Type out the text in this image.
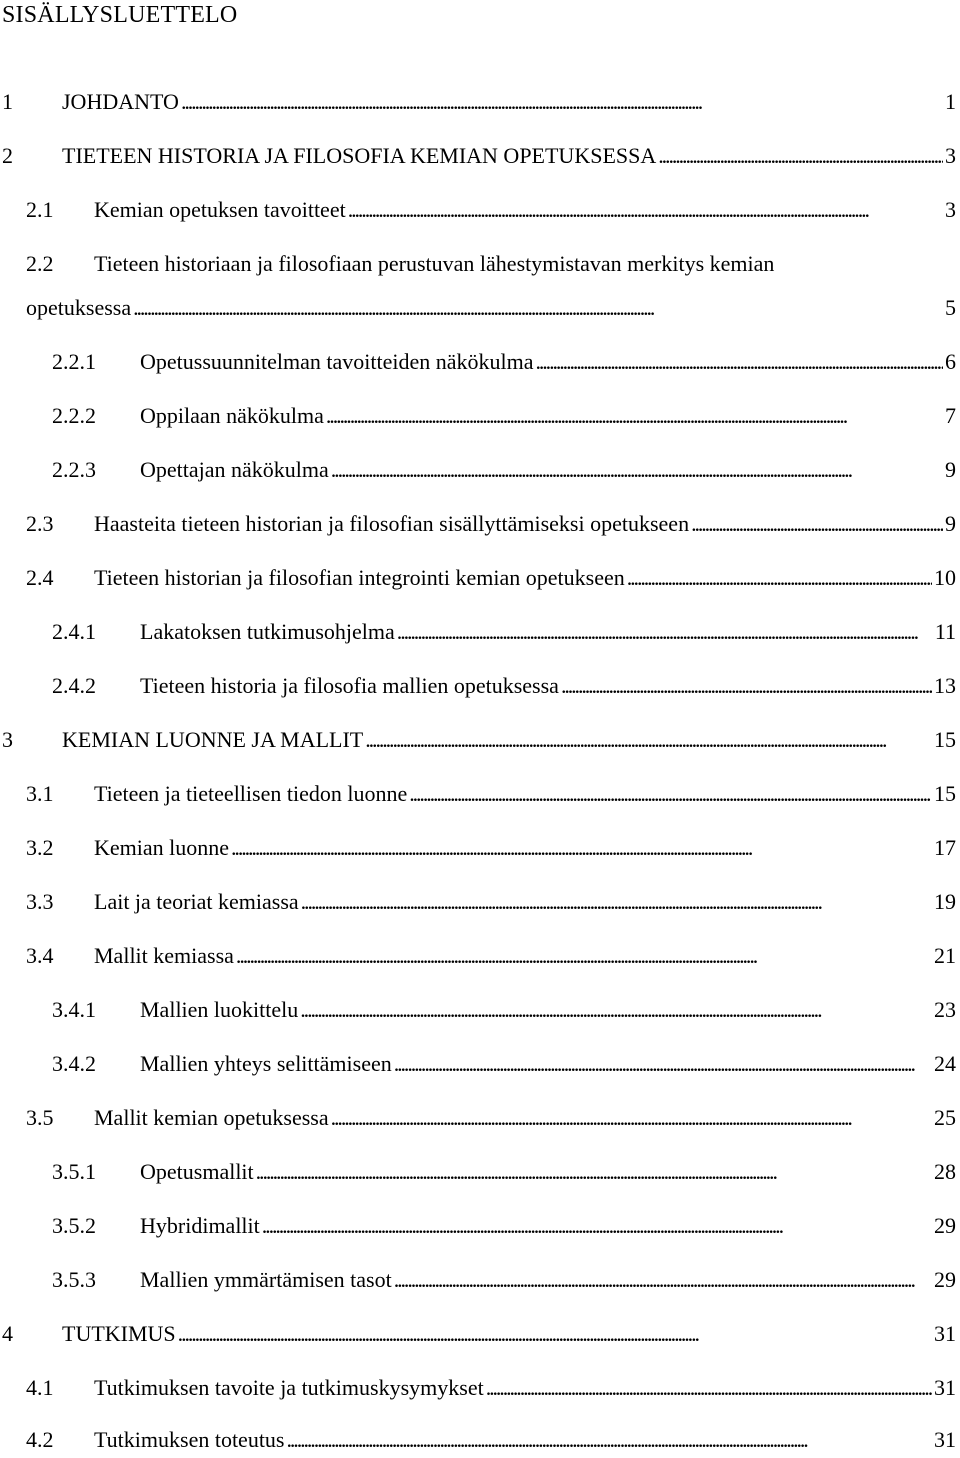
SISÄLLYSLUETTELO
1	JOHDANTO . . .	1
2	TIETEEN HISTORIA JA FILOSOFIA KEMIAN OPETUKSESSA . . .	3
2.1	Kemian opetuksen tavoitteet . . .	3
2.2 Tieteen historiaan ja filosofiaan perustuvan lähestymistavan merkitys kemian
opetuksessa . . .	5
2.2.1	Opetussuunnitelman tavoitteiden näkökulma . . .	6
2.2.2	Oppilaan näkökulma . . .	7
2.2.3	Opettajan näkökulma . . .	9
2.3	Haasteita tieteen historian ja filosofian sisällyttämiseksi opetukseen . . .	9
2.4	Tieteen historian ja filosofian integrointi kemian opetukseen . . .	10
2.4.1	Lakatoksen tutkimusohjelma . . .	11
2.4.2	Tieteen historia ja filosofia mallien opetuksessa . . .	13
3	KEMIAN LUONNE JA MALLIT . . .	15
3.1	Tieteen ja tieteellisen tiedon luonne . . .	15
3.2	Kemian luonne . . .	17
3.3	Lait ja teoriat kemiassa . . .	19
3.4	Mallit kemiassa . . .	21
3.4.1	Mallien luokittelu . . .	23
3.4.2	Mallien yhteys selittämiseen . . .	24
3.5	Mallit kemian opetuksessa . . .	25
3.5.1	Opetusmallit . . .	28
3.5.2	Hybridimallit . . .	29
3.5.3	Mallien ymmärtämisen tasot . . .	29
4	TUTKIMUS . . .	31
4.1	Tutkimuksen tavoite ja tutkimuskysymykset . . .	31
4.2	Tutkimuksen toteutus . . .	31
